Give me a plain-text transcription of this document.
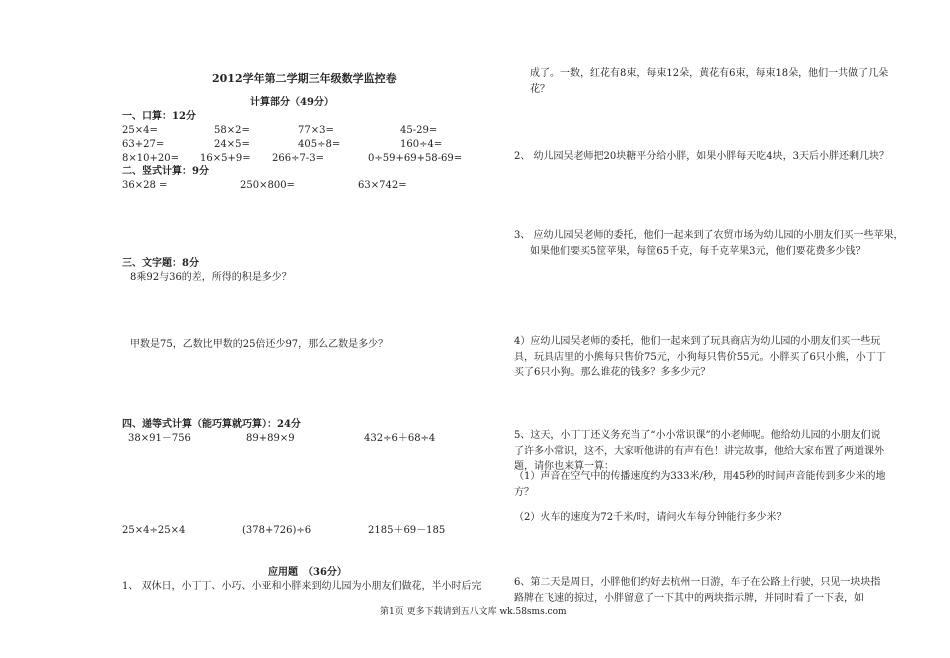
2012学年第二学期三年级数学监控卷
计算部分（49分）
一、口算：12分
25×4=	58×2=	77×3=	45-29=
63+27=	24×5=	405÷8=	160÷4=
8×10+20= 16×5+9= 266÷7-3=	0÷59+69+58-69=
二、竖式计算：9分
36×28 =	250×800=	63×742=
三、文字题：8分
8乘92与36的差，所得的积是多少？
甲数是75，乙数比甲数的25倍还少97，那么乙数是多少？
四、递等式计算（能巧算就巧算）：24分
38×91－756	89+89×9	432÷6＋68÷4
25×4÷25×4	(378+726)÷6	2185＋69－185
应用题　（36分）
1、 双休日，小丁丁、小巧、小亚和小胖来到幼儿园为小朋友们做花，半小时后完
成了。一数，红花有8束，每束12朵，黄花有6束，每束18朵，他们一共做了几朵花？
2、 幼儿园吴老师把20块糖平分给小胖，如果小胖每天吃4块，3天后小胖还剩几块？
3、 应幼儿园吴老师的委托，他们一起来到了农贸市场为幼儿园的小朋友们买一些苹果，如果他们要买5筐苹果，每筐65千克，每千克苹果3元，他们要花费多少钱？
4）应幼儿园吴老师的委托，他们一起来到了玩具商店为幼儿园的小朋友们买一些玩具，玩具店里的小熊每只售价75元，小狗每只售价55元。小胖买了6只小熊，小丁丁买了6只小狗。那么谁花的钱多？多多少元？
5、这天，小丁丁还义务充当了“小小常识课”的小老师呢。他给幼儿园的小朋友们说了许多小常识，这不，大家听他讲的有声有色！讲完故事，他给大家布置了两道课外题，请你也来算一算：
（1）声音在空气中的传播速度约为333米/秒，用45秒的时间声音能传到多少米的地方？
（2）火车的速度为72千米/时，请问火车每分钟能行多少米？
6、第二天是周日，小胖他们约好去杭州一日游，车子在公路上行驶，只见一块块指路牌在飞速的掠过，小胖留意了一下其中的两块指示牌，并同时看了一下表，如
第1页 更多下载请到五八文库 wk.58sms.com
